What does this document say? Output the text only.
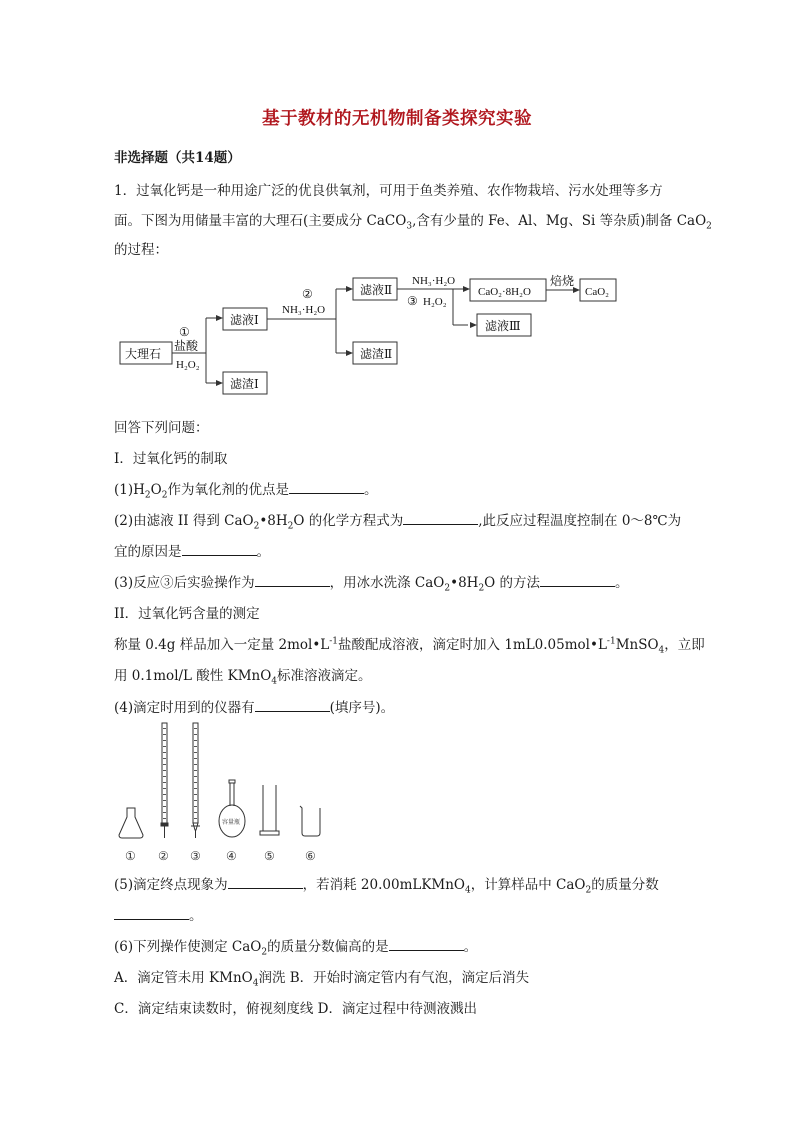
基于教材的无机物制备类探究实验
非选择题（共14题）
1．过氧化钙是一种用途广泛的优良供氧剂，可用于鱼类养殖、农作物栽培、污水处理等多方
面。下图为用储量丰富的大理石(主要成分 CaCO$_3$,含有少量的 Fe、Al、Mg、Si 等杂质)制备 CaO$_2$
的过程：
大理石
①
盐酸
H₂O₂
滤液Ⅰ
滤渣Ⅰ
②
NH₃·H₂O
滤液Ⅱ
滤渣Ⅱ
NH₃·H₂O
③ H₂O₂
CaO₂·8H₂O
滤液Ⅲ
焙烧
CaO₂
回答下列问题：
I．过氧化钙的制取
$(1)H_2O_2$作为氧化剂的优点是	。
(2)由滤液 II 得到 $CaO_2•8H_2O$ 的化学方程式为	,此反应过程温度控制在 0～8℃为
宜的原因是	。
(3)反应③后实验操作为	，用冰水洗涤 $CaO_2•8H_2O$ 的方法	。
II．过氧化钙含量的测定
称量 0.4g 样品加入一定量 $2mol•L^{-1}$盐酸配成溶液，滴定时加入 $1mL0.05mol•L^{-1}MnSO_4$，立即
用 0.1mol/L 酸性 KMnO$_4$标准溶液滴定。
(4)滴定时用到的仪器有	(填序号)。
容量瓶
① ② ③ ④ ⑤	⑥
(5)滴定终点现象为	，若消耗 20.00mLKMnO$_4$，计算样品中 CaO$_2$的质量分数
。
(6)下列操作使测定 CaO$_2$的质量分数偏高的是	。
A．滴定管未用 KMnO$_4$润洗 B．开始时滴定管内有气泡，滴定后消失
C．滴定结束读数时，俯视刻度线 D．滴定过程中待测液溅出
